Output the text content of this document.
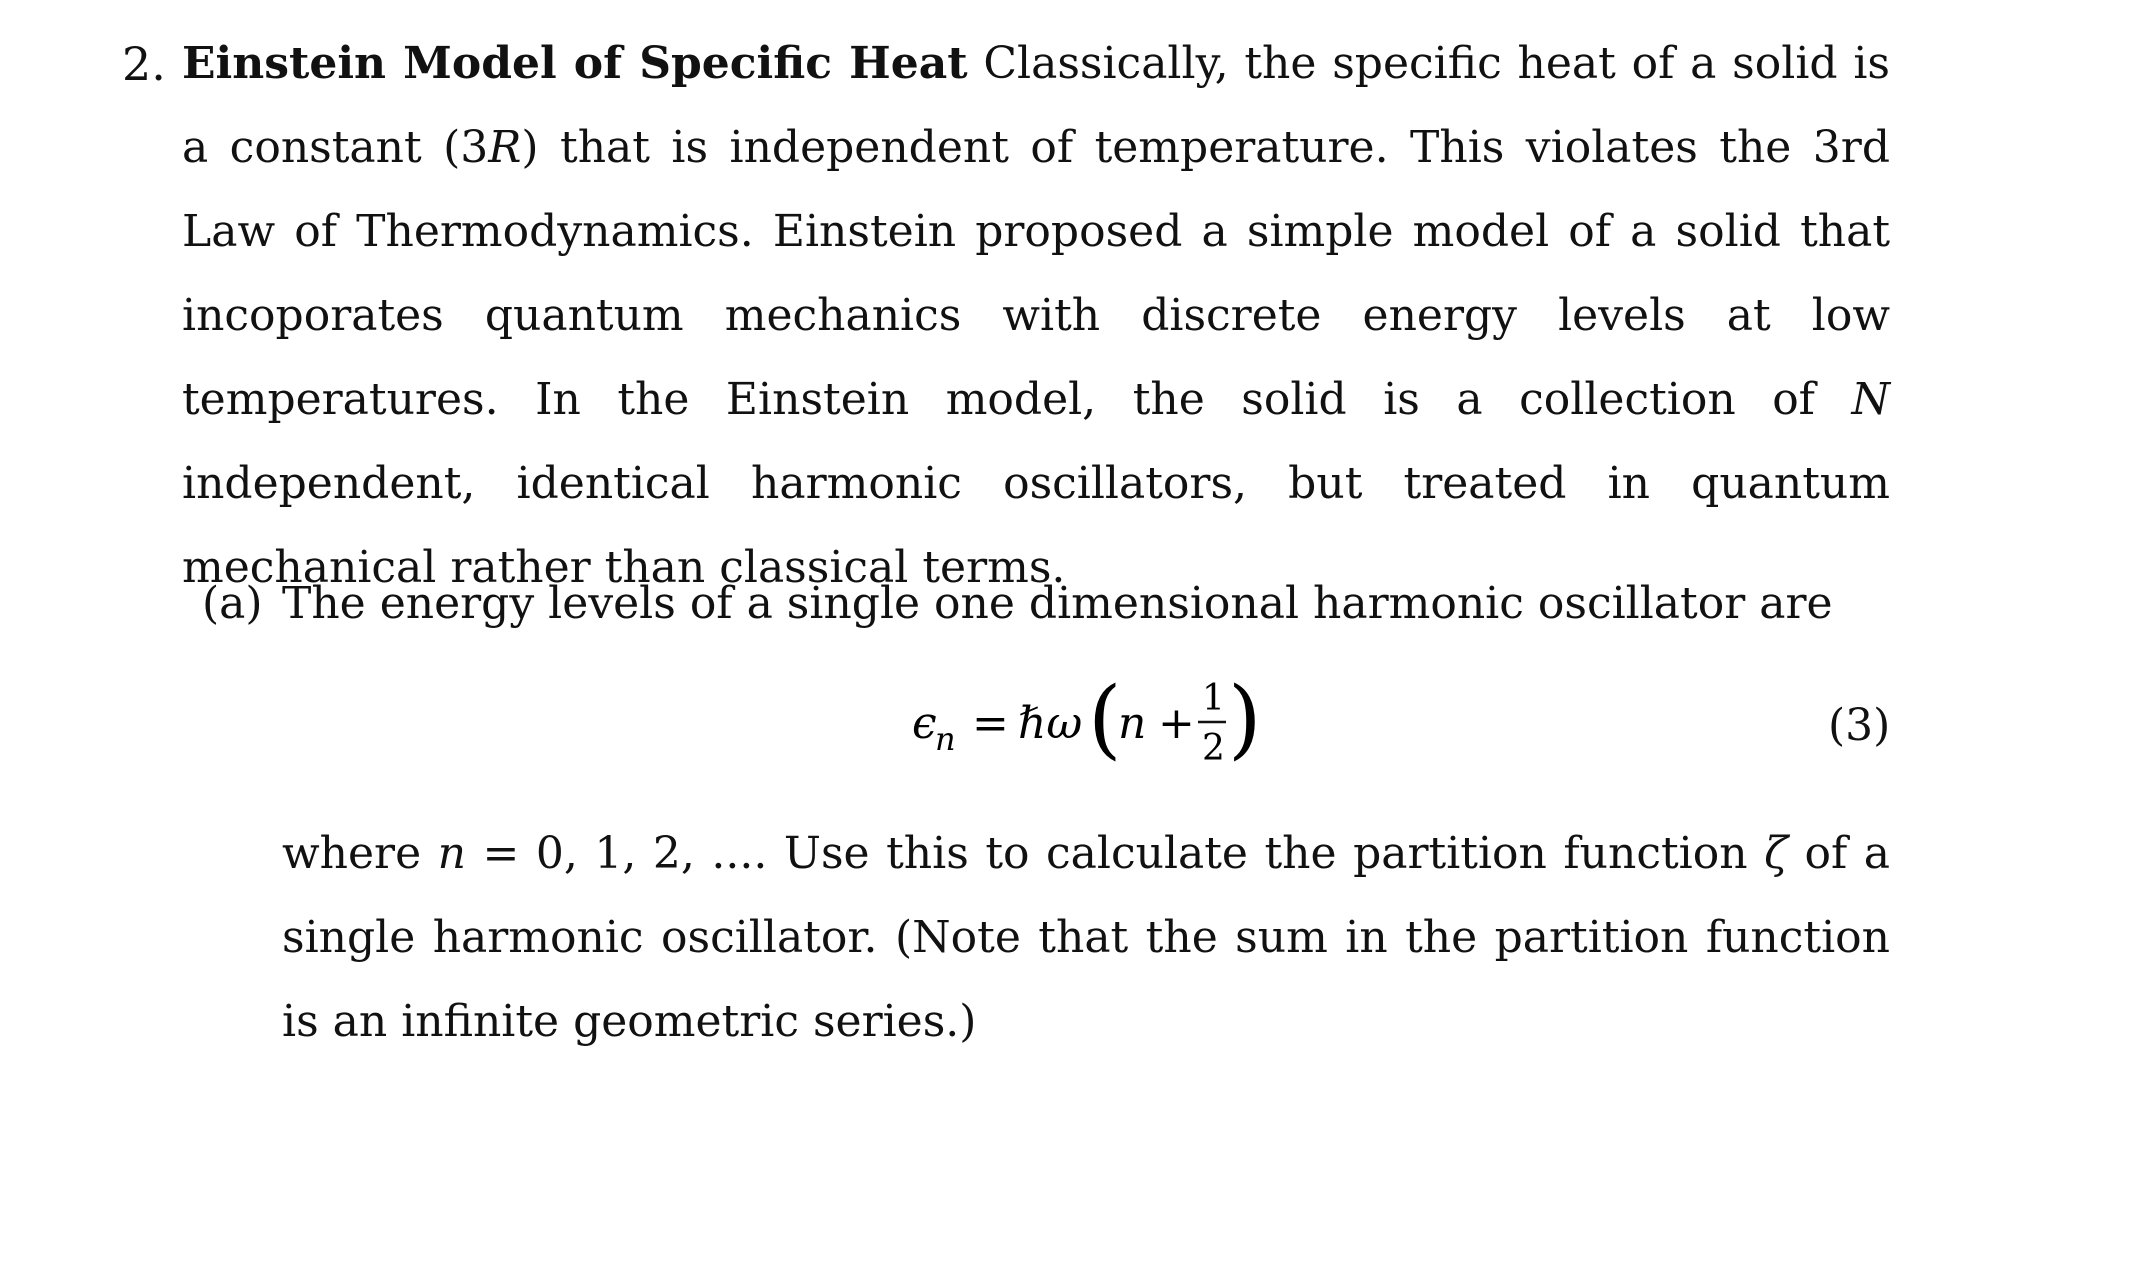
2. Einstein Model of Specific Heat Classically, the specific heat of a solid is a constant (3R) that is independent of temperature. This violates the 3rd Law of Thermodynamics. Einstein proposed a simple model of a solid that incoporates quantum mechanics with discrete energy levels at low temperatures. In the Einstein model, the solid is a collection of N independent, identical harmonic oscillators, but treated in quantum mechanical rather than classical terms.
(a) The energy levels of a single one dimensional harmonic oscillator are
ϵ
n = ℏω (
n + 1
2 )	(3)
where n = 0, 1, 2, .... Use this to calculate the partition function ζ of a single harmonic oscillator. (Note that the sum in the partition function is an infinite geometric series.)
